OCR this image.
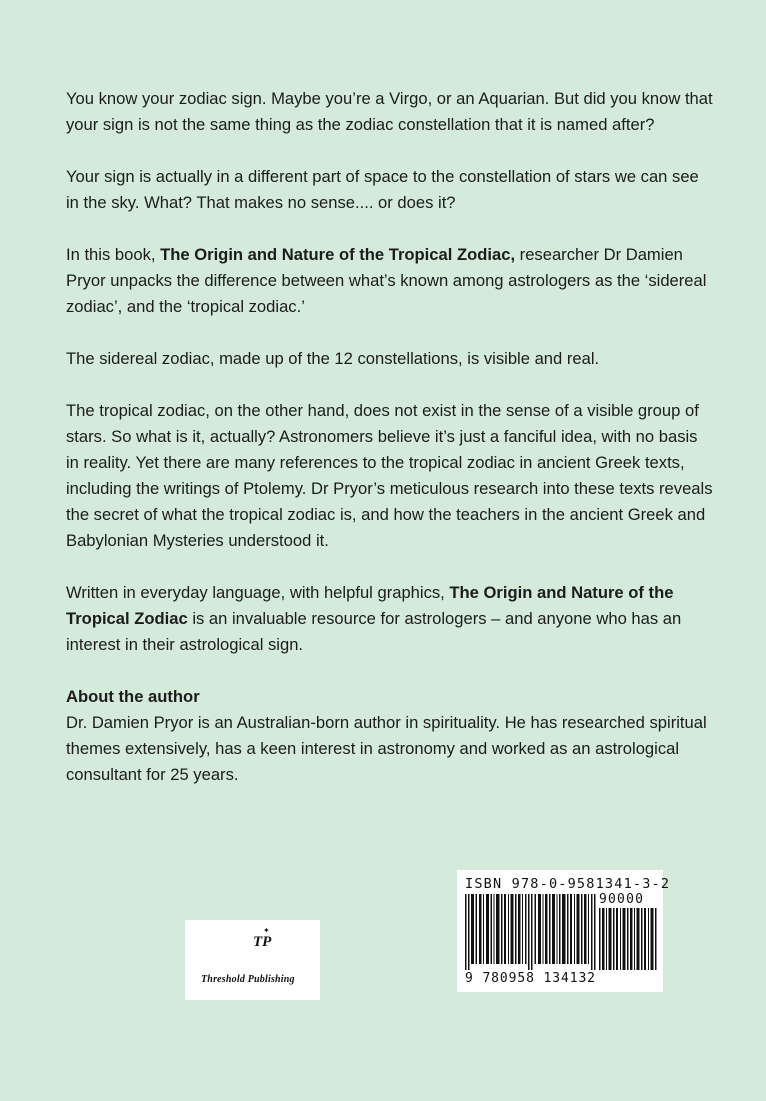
You know your zodiac sign. Maybe you’re a Virgo, or an Aquarian. But did you know that your sign is not the same thing as the zodiac constellation that it is named after?

Your sign is actually in a different part of space to the constellation of stars we can see in the sky. What? That makes no sense.... or does it?

In this book, The Origin and Nature of the Tropical Zodiac, researcher Dr Damien Pryor unpacks the difference between what’s known among astrologers as the ‘sidereal zodiac’, and the ‘tropical zodiac.’

The sidereal zodiac, made up of the 12 constellations, is visible and real.

The tropical zodiac, on the other hand, does not exist in the sense of a visible group of stars. So what is it, actually? Astronomers believe it’s just a fanciful idea, with no basis in reality. Yet there are many references to the tropical zodiac in ancient Greek texts, including the writings of Ptolemy. Dr Pryor’s meticulous research into these texts reveals the secret of what the tropical zodiac is, and how the teachers in the ancient Greek and Babylonian Mysteries understood it.

Written in everyday language, with helpful graphics, The Origin and Nature of the Tropical Zodiac is an invaluable resource for astrologers – and anyone who has an interest in their astrological sign.

About the author

Dr. Damien Pryor is an Australian-born author in spirituality. He has researched spiritual themes extensively, has a keen interest in astronomy and worked as an astrological consultant for 25 years.

✦
TP
Threshold Publishing
ISBN 978-0-9581341-3-2
90000
9 780958 134132
